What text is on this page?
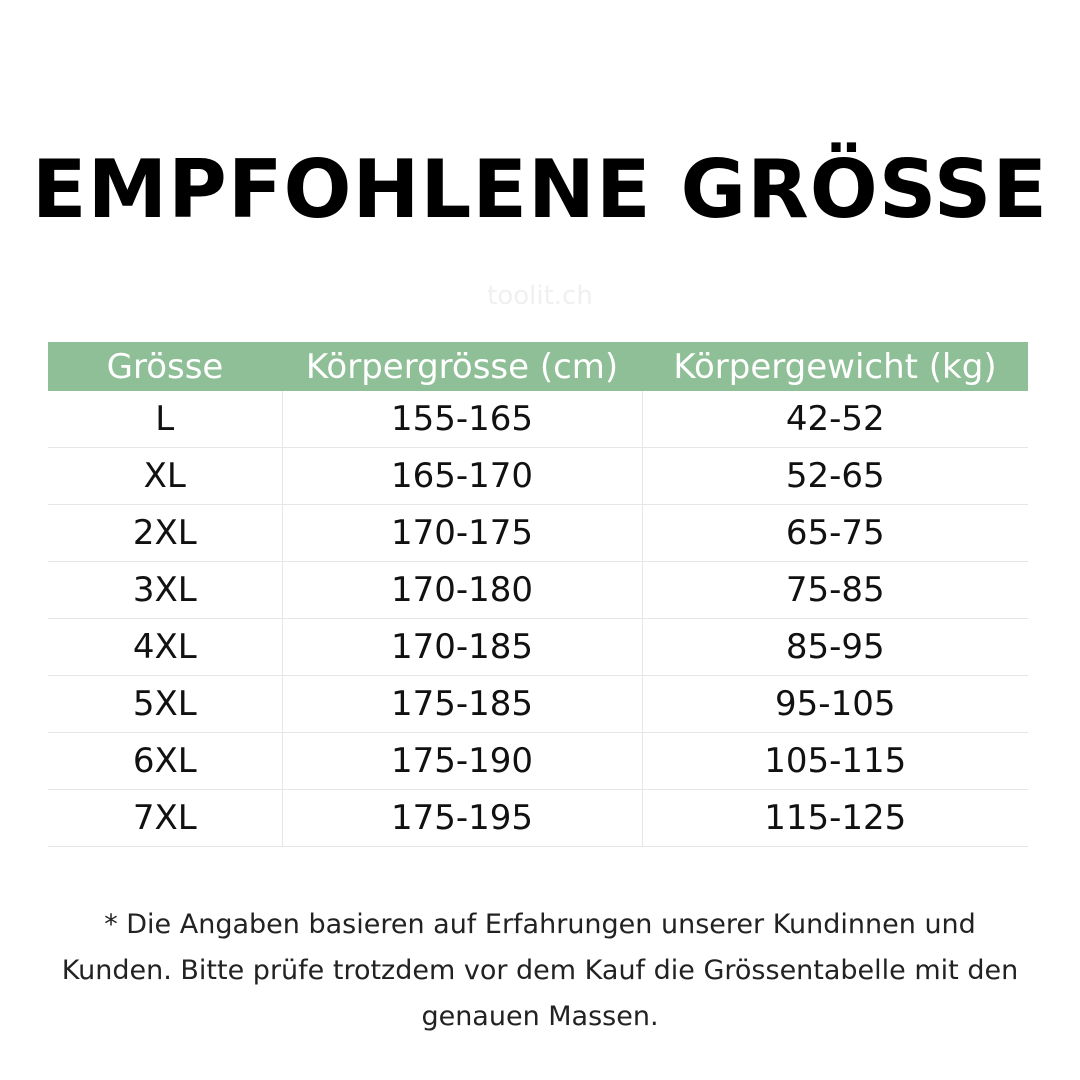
EMPFOHLENE GRÖSSE
toolit.ch
Grösse	Körpergrösse (cm)	Körpergewicht (kg)
L	155-165	42-52
XL	165-170	52-65
2XL	170-175	65-75
3XL	170-180	75-85
4XL	170-185	85-95
5XL	175-185	95-105
6XL	175-190	105-115
7XL	175-195	115-125
* Die Angaben basieren auf Erfahrungen unserer Kundinnen und
Kunden. Bitte prüfe trotzdem vor dem Kauf die Grössentabelle mit den
genauen Massen.
